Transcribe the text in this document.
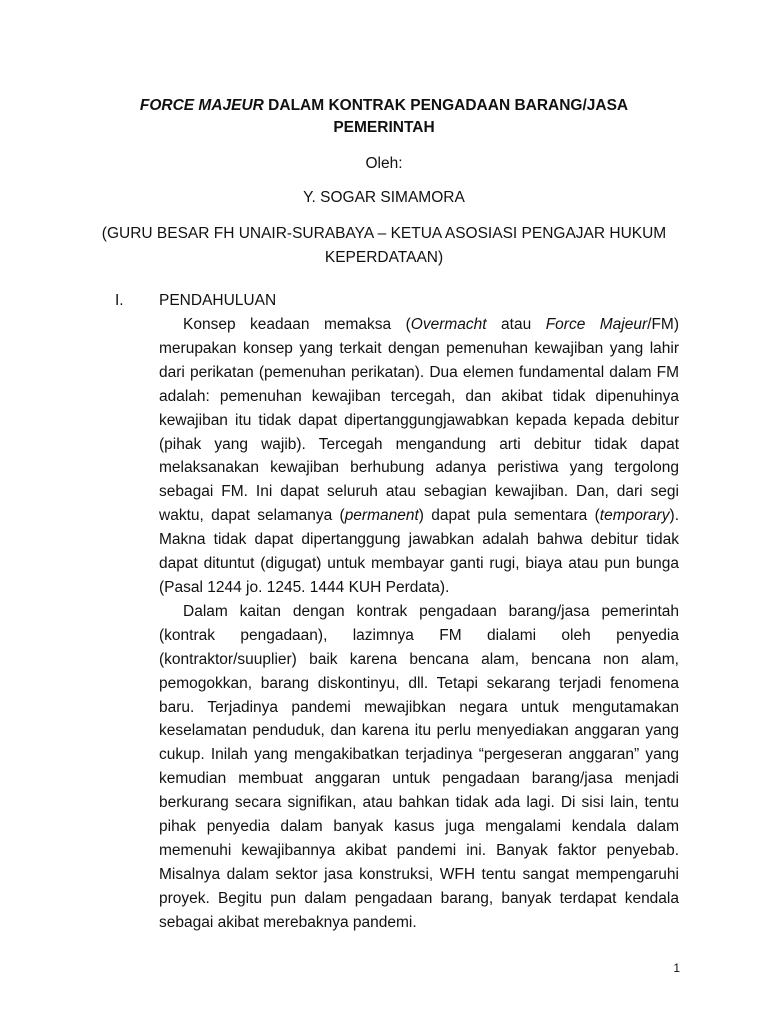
FORCE MAJEUR DALAM KONTRAK PENGADAAN BARANG/JASA PEMERINTAH

Oleh:
Y. SOGAR SIMAMORA
(GURU BESAR FH UNAIR-SURABAYA – KETUA ASOSIASI PENGAJAR HUKUM KEPERDATAAN)
I.	PENDAHULUAN

Konsep keadaan memaksa (Overmacht atau Force Majeur/FM) merupakan konsep yang terkait dengan pemenuhan kewajiban yang lahir dari perikatan (pemenuhan perikatan). Dua elemen fundamental dalam FM adalah: pemenuhan kewajiban tercegah, dan akibat tidak dipenuhinya kewajiban itu tidak dapat dipertanggungjawabkan kepada kepada debitur (pihak yang wajib). Tercegah mengandung arti debitur tidak dapat melaksanakan kewajiban berhubung adanya peristiwa yang tergolong sebagai FM. Ini dapat seluruh atau sebagian kewajiban. Dan, dari segi waktu, dapat selamanya (permanent) dapat pula sementara (temporary). Makna tidak dapat dipertanggung jawabkan adalah bahwa debitur tidak dapat dituntut (digugat) untuk membayar ganti rugi, biaya atau pun bunga (Pasal 1244 jo. 1245. 1444 KUH Perdata).

Dalam kaitan dengan kontrak pengadaan barang/jasa pemerintah (kontrak pengadaan), lazimnya FM dialami oleh penyedia (kontraktor/suuplier) baik karena bencana alam, bencana non alam, pemogokkan, barang diskontinyu, dll. Tetapi sekarang terjadi fenomena baru. Terjadinya pandemi mewajibkan negara untuk mengutamakan keselamatan penduduk, dan karena itu perlu menyediakan anggaran yang cukup. Inilah yang mengakibatkan terjadinya “pergeseran anggaran” yang kemudian membuat anggaran untuk pengadaan barang/jasa menjadi berkurang secara signifikan, atau bahkan tidak ada lagi. Di sisi lain, tentu pihak penyedia dalam banyak kasus juga mengalami kendala dalam memenuhi kewajibannya akibat pandemi ini. Banyak faktor penyebab. Misalnya dalam sektor jasa konstruksi, WFH tentu sangat mempengaruhi proyek. Begitu pun dalam pengadaan barang, banyak terdapat kendala sebagai akibat merebaknya pandemi.

1
